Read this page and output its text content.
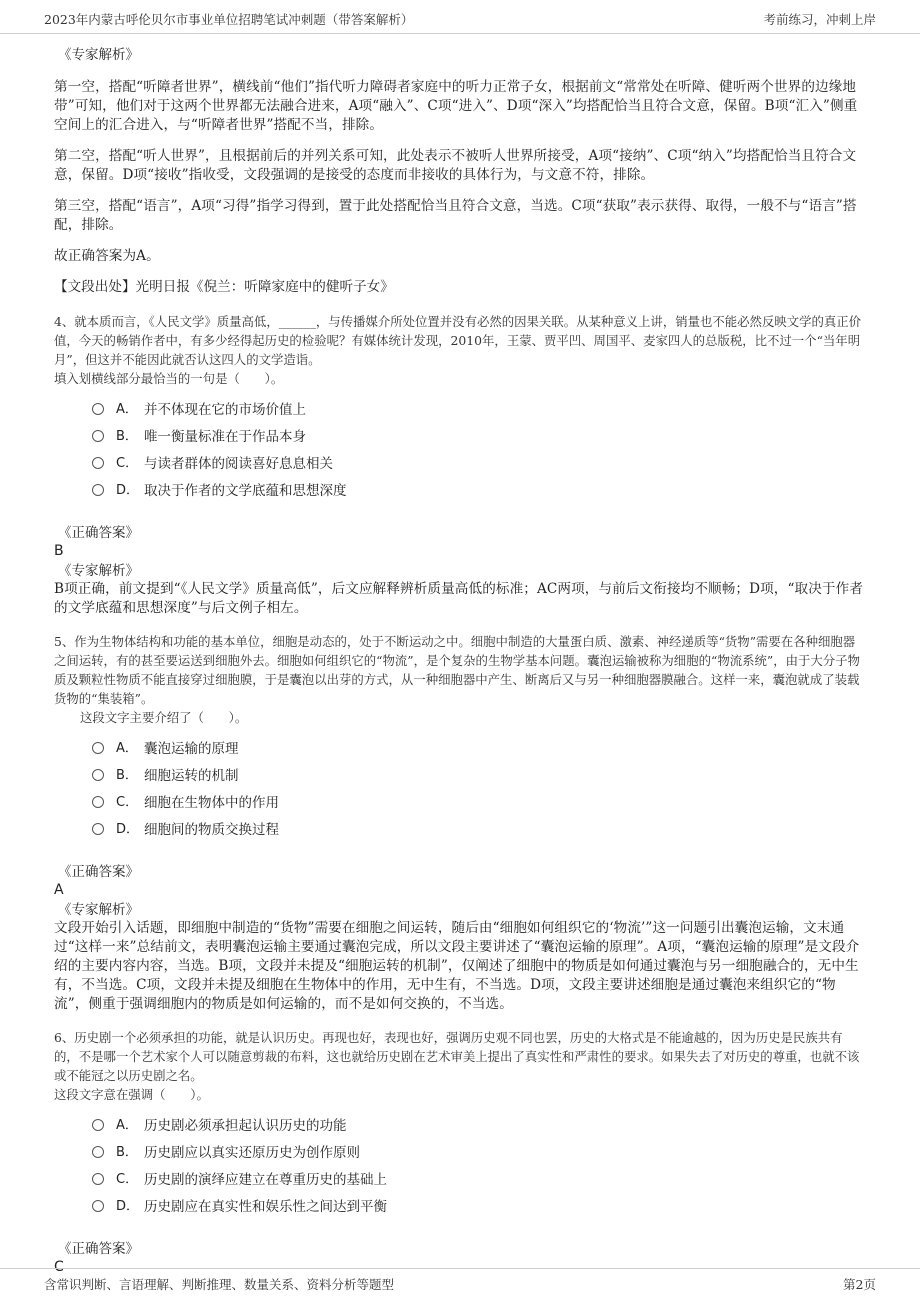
2023年内蒙古呼伦贝尔市事业单位招聘笔试冲刺题（带答案解析）	考前练习，冲刺上岸
《专家解析》

第一空，搭配“听障者世界”，横线前“他们”指代听力障碍者家庭中的听力正常子女，根据前文“常常处在听障、健听两个世界的边缘地带”可知，他们对于这两个世界都无法融合进来，A项“融入”、C项“进入”、D项“深入”均搭配恰当且符合文意，保留。B项“汇入”侧重空间上的汇合进入，与“听障者世界”搭配不当，排除。

第二空，搭配“听人世界”，且根据前后的并列关系可知，此处表示不被听人世界所接受，A项“接纳”、C项“纳入”均搭配恰当且符合文意，保留。D项“接收”指收受，文段强调的是接受的态度而非接收的具体行为，与文意不符，排除。

第三空，搭配“语言”，A项“习得”指学习得到，置于此处搭配恰当且符合文意，当选。C项“获取”表示获得、取得，一般不与“语言”搭配，排除。

故正确答案为A。

【文段出处】光明日报《倪兰：听障家庭中的健听子女》
4、就本质而言，《人民文学》质量高低，______，与传播媒介所处位置并没有必然的因果关联。从某种意义上讲，销量也不能必然反映文学的真正价值，今天的畅销作者中，有多少经得起历史的检验呢？有媒体统计发现，2010年，王蒙、贾平凹、周国平、麦家四人的总版税，比不过一个“当年明月”，但这并不能因此就否认这四人的文学造诣。
填入划横线部分最恰当的一句是（　　）。
A． 并不体现在它的市场价值上
B． 唯一衡量标准在于作品本身
C． 与读者群体的阅读喜好息息相关
D． 取决于作者的文学底蕴和思想深度
《正确答案》
B
《专家解析》
B项正确，前文提到“《人民文学》质量高低”，后文应解释辨析质量高低的标准；AC两项，与前后文衔接均不顺畅；D项，“取决于作者的文学底蕴和思想深度”与后文例子相左。
5、作为生物体结构和功能的基本单位，细胞是动态的，处于不断运动之中。细胞中制造的大量蛋白质、激素、神经递质等“货物”需要在各种细胞器之间运转，有的甚至要运送到细胞外去。细胞如何组织它的“物流”，是个复杂的生物学基本问题。囊泡运输被称为细胞的“物流系统”，由于大分子物质及颗粒性物质不能直接穿过细胞膜，于是囊泡以出芽的方式，从一种细胞器中产生、断离后又与另一种细胞器膜融合。这样一来，囊泡就成了装载货物的“集装箱”。
这段文字主要介绍了（　　）。
A． 囊泡运输的原理
B． 细胞运转的机制
C． 细胞在生物体中的作用
D． 细胞间的物质交换过程
《正确答案》
A
《专家解析》
文段开始引入话题，即细胞中制造的“货物”需要在细胞之间运转，随后由“细胞如何组织它的‘物流’”这一问题引出囊泡运输，文末通过“这样一来”总结前文，表明囊泡运输主要通过囊泡完成，所以文段主要讲述了“囊泡运输的原理”。A项，“囊泡运输的原理”是文段介绍的主要内容内容，当选。B项，文段并未提及“细胞运转的机制”，仅阐述了细胞中的物质是如何通过囊泡与另一细胞融合的，无中生有，不当选。C项，文段并未提及细胞在生物体中的作用，无中生有，不当选。D项，文段主要讲述细胞是通过囊泡来组织它的“物流”，侧重于强调细胞内的物质是如何运输的，而不是如何交换的，不当选。
6、历史剧一个必须承担的功能，就是认识历史。再现也好，表现也好，强调历史观不同也罢，历史的大格式是不能逾越的，因为历史是民族共有的，不是哪一个艺术家个人可以随意剪裁的布料，这也就给历史剧在艺术审美上提出了真实性和严肃性的要求。如果失去了对历史的尊重，也就不该或不能冠之以历史剧之名。
这段文字意在强调（　　）。
A． 历史剧必须承担起认识历史的功能
B． 历史剧应以真实还原历史为创作原则
C． 历史剧的演绎应建立在尊重历史的基础上
D． 历史剧应在真实性和娱乐性之间达到平衡
《正确答案》
C
含常识判断、言语理解、判断推理、数量关系、资料分析等题型	第2页
